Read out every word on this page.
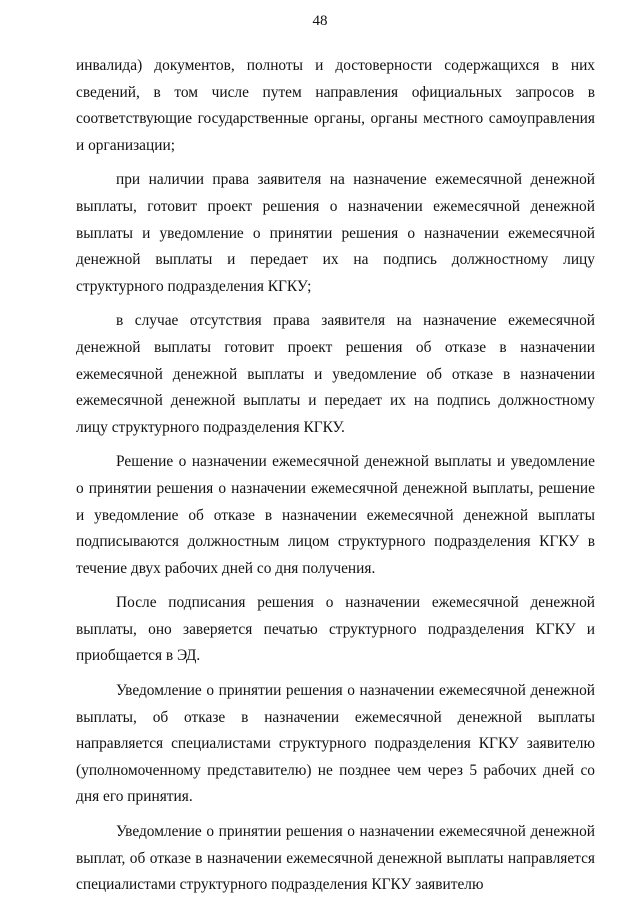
48

инвалида) документов, полноты и достоверности содержащихся в них сведений, в том числе путем направления официальных запросов в соответствующие государственные органы, органы местного самоуправления и организации;

при наличии права заявителя на назначение ежемесячной денежной выплаты, готовит проект решения о назначении ежемесячной денежной выплаты и уведомление о принятии решения о назначении ежемесячной денежной выплаты и передает их на подпись должностному лицу структурного подразделения КГКУ;

в случае отсутствия права заявителя на назначение ежемесячной денежной выплаты готовит проект решения об отказе в назначении ежемесячной денежной выплаты и уведомление об отказе в назначении ежемесячной денежной выплаты и передает их на подпись должностному лицу структурного подразделения КГКУ.

Решение о назначении ежемесячной денежной выплаты и уведомление о принятии решения о назначении ежемесячной денежной выплаты, решение и уведомление об отказе в назначении ежемесячной денежной выплаты подписываются должностным лицом структурного подразделения КГКУ в течение двух рабочих дней со дня получения.

После подписания решения о назначении ежемесячной денежной выплаты, оно заверяется печатью структурного подразделения КГКУ и приобщается в ЭД.

Уведомление о принятии решения о назначении ежемесячной денежной выплаты, об отказе в назначении ежемесячной денежной выплаты направляется специалистами структурного подразделения КГКУ заявителю (уполномоченному представителю) не позднее чем через 5 рабочих дней со дня его принятия.

Уведомление о принятии решения о назначении ежемесячной денежной выплат, об отказе в назначении ежемесячной денежной выплаты направляется специалистами структурного подразделения КГКУ заявителю
